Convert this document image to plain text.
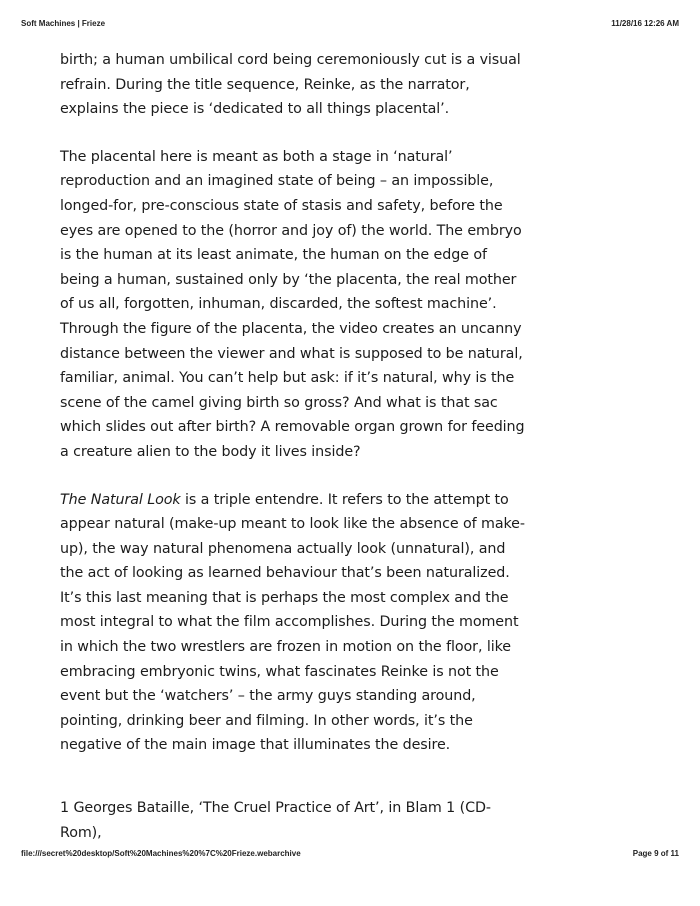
Soft Machines | Frieze	11/28/16 12:26 AM

birth; a human umbilical cord being ceremoniously cut is a visual refrain. During the title sequence, Reinke, as the narrator, explains the piece is ‘dedicated to all things placental’.

The placental here is meant as both a stage in ‘natural’ reproduction and an imagined state of being – an impossible, longed-for, pre-conscious state of stasis and safety, before the eyes are opened to the (horror and joy of) the world. The embryo is the human at its least animate, the human on the edge of being a human, sustained only by ‘the placenta, the real mother of us all, forgotten, inhuman, discarded, the softest machine’. Through the figure of the placenta, the video creates an uncanny distance between the viewer and what is supposed to be natural, familiar, animal. You can’t help but ask: if it’s natural, why is the scene of the camel giving birth so gross? And what is that sac which slides out after birth? A removable organ grown for feeding a creature alien to the body it lives inside?

The Natural Look is a triple entendre. It refers to the attempt to appear natural (make-up meant to look like the absence of make-up), the way natural phenomena actually look (unnatural), and the act of looking as learned behaviour that’s been naturalized. It’s this last meaning that is perhaps the most complex and the most integral to what the film accomplishes. During the moment in which the two wrestlers are frozen in motion on the floor, like embracing embryonic twins, what fascinates Reinke is not the event but the ‘watchers’ – the army guys standing around, pointing, drinking beer and filming. In other words, it’s the negative of the main image that illuminates the desire.

1 Georges Bataille, ‘The Cruel Practice of Art’, in Blam 1 (CD-Rom),

file:///secret%20desktop/Soft%20Machines%20%7C%20Frieze.webarchive	Page 9 of 11
